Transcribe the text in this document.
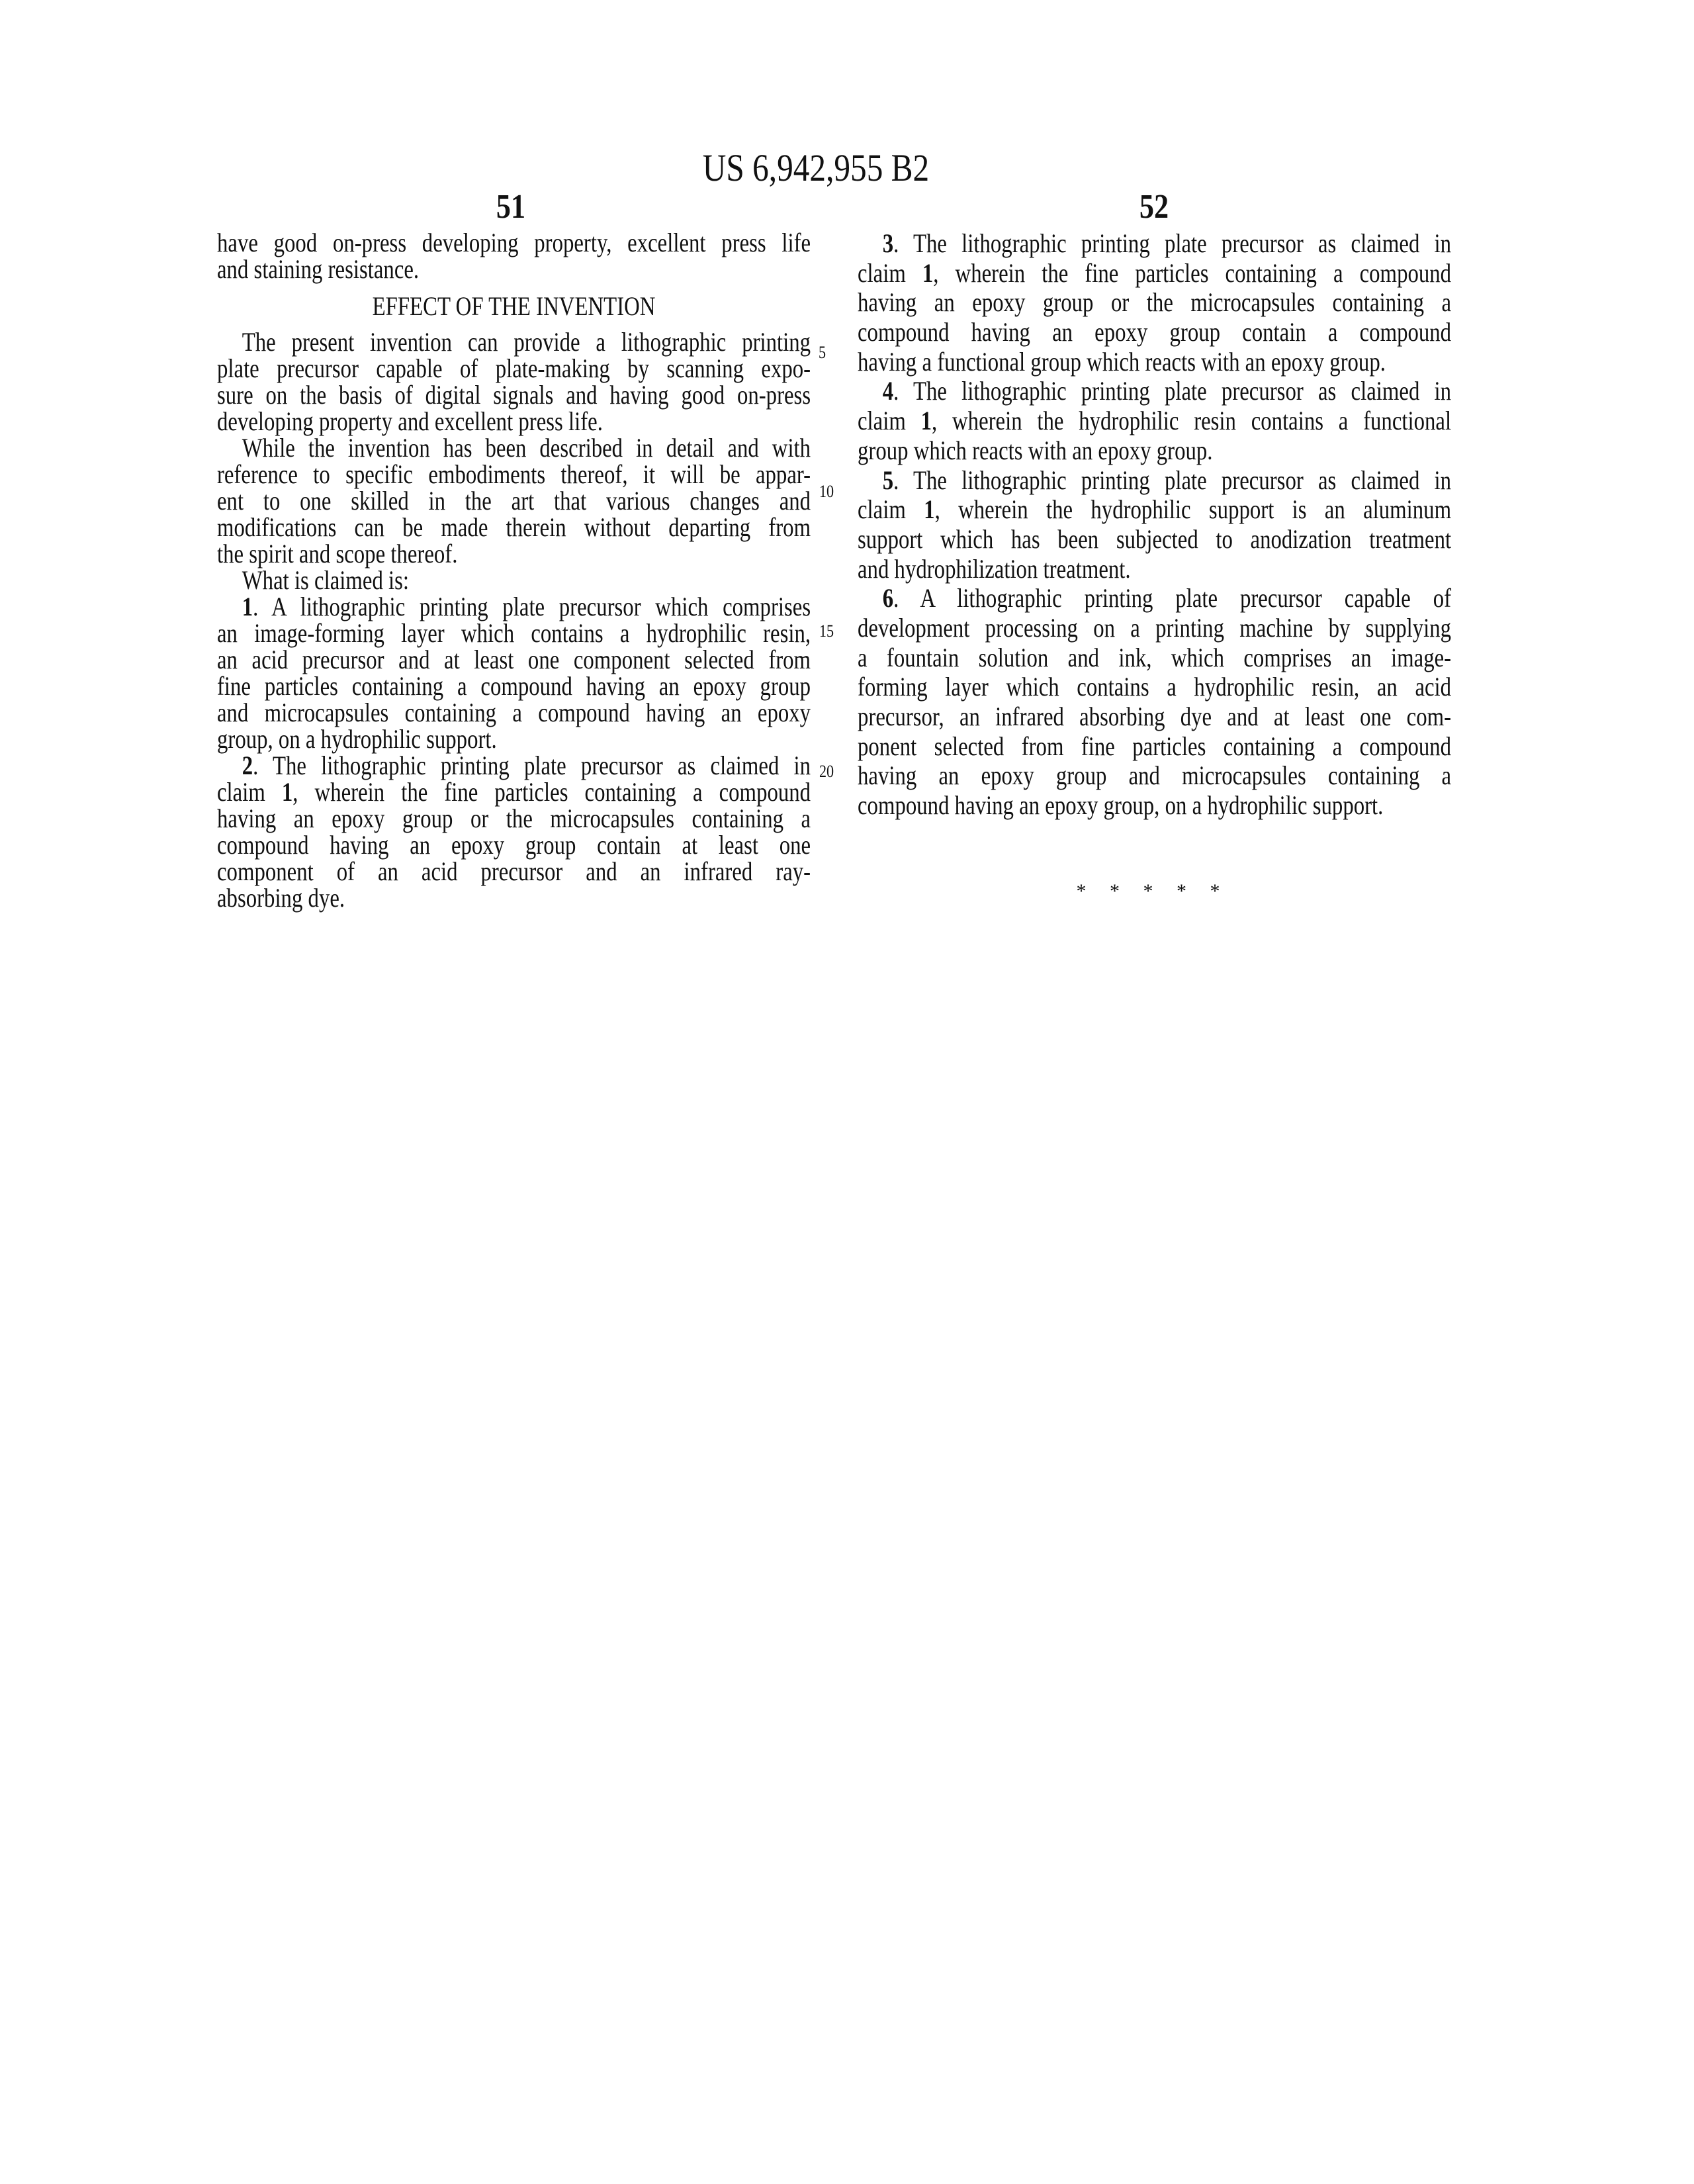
US 6,942,955 B2
51	52
have good on-press developing property, excellent press life
and staining resistance.
EFFECT OF THE INVENTION
The present invention can provide a lithographic printing
plate precursor capable of plate-making by scanning expo-
sure on the basis of digital signals and having good on-press
developing property and excellent press life.
While the invention has been described in detail and with
reference to specific embodiments thereof, it will be appar-
ent to one skilled in the art that various changes and
modifications can be made therein without departing from
the spirit and scope thereof.
What is claimed is:
1. A lithographic printing plate precursor which comprises
an image-forming layer which contains a hydrophilic resin,
an acid precursor and at least one component selected from
fine particles containing a compound having an epoxy group
and microcapsules containing a compound having an epoxy
group, on a hydrophilic support.
2. The lithographic printing plate precursor as claimed in
claim 1, wherein the fine particles containing a compound
having an epoxy group or the microcapsules containing a
compound having an epoxy group contain at least one
component of an acid precursor and an infrared ray-
absorbing dye.
3. The lithographic printing plate precursor as claimed in
claim 1, wherein the fine particles containing a compound
having an epoxy group or the microcapsules containing a
compound having an epoxy group contain a compound
having a functional group which reacts with an epoxy group.
4. The lithographic printing plate precursor as claimed in
claim 1, wherein the hydrophilic resin contains a functional
group which reacts with an epoxy group.
5. The lithographic printing plate precursor as claimed in
claim 1, wherein the hydrophilic support is an aluminum
support which has been subjected to anodization treatment
and hydrophilization treatment.
6. A lithographic printing plate precursor capable of
development processing on a printing machine by supplying
a fountain solution and ink, which comprises an image-
forming layer which contains a hydrophilic resin, an acid
precursor, an infrared absorbing dye and at least one com-
ponent selected from fine particles containing a compound
having an epoxy group and microcapsules containing a
compound having an epoxy group, on a hydrophilic support.
5
10
15
20
* * * * *
